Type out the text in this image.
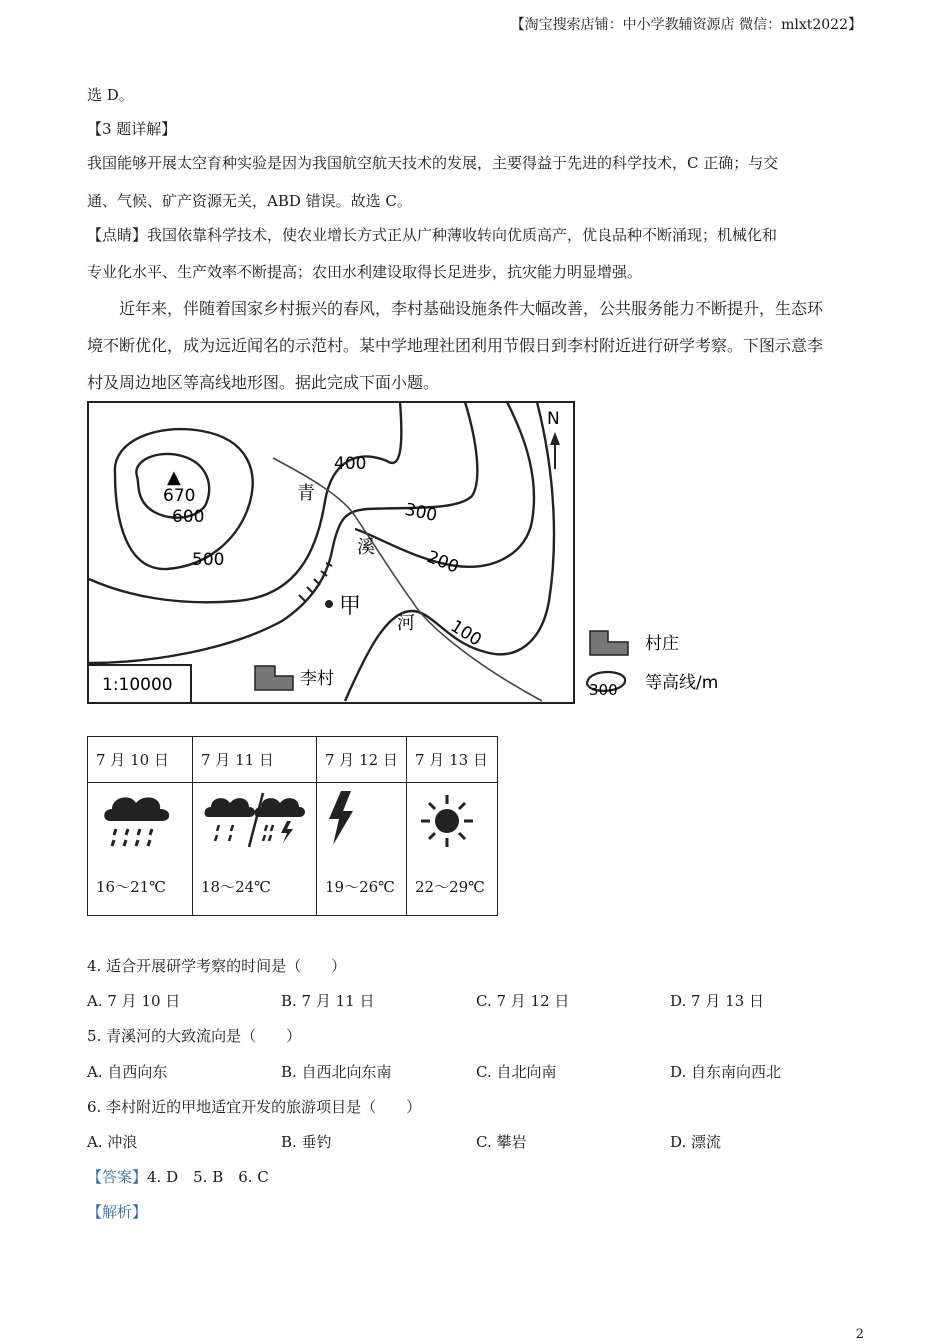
【淘宝搜索店铺：中小学教辅资源店 微信：mlxt2022】
选 D。
【3 题详解】
我国能够开展太空育种实验是因为我国航空航天技术的发展，主要得益于先进的科学技术，C 正确；与交
通、气候、矿产资源无关，ABD 错误。故选 C。
【点睛】我国依靠科学技术，使农业增长方式正从广种薄收转向优质高产，优良品种不断涌现；机械化和
专业化水平、生产效率不断提高；农田水利建设取得长足进步，抗灾能力明显增强。
近年来，伴随着国家乡村振兴的春风，李村基础设施条件大幅改善，公共服务能力不断提升，生态环
境不断优化，成为远近闻名的示范村。某中学地理社团利用节假日到李村附近进行研学考察。下图示意李
村及周边地区等高线地形图。据此完成下面小题。
▲
670
600
500
400
300
200
100
青
溪
河
甲
N
李村
1:10000
村庄
300 等高线/m
7 月 10 日	7 月 11 日	7 月 12 日	7 月 13 日

16～21℃	18～24℃	19～26℃	22～29℃
4. 适合开展研学考察的时间是（　　）
A. 7 月 10 日	B. 7 月 11 日	C. 7 月 12 日	D. 7 月 13 日
5. 青溪河的大致流向是（　　）
A. 自西向东	B. 自西北向东南	C. 自北向南	D. 自东南向西北
6. 李村附近的甲地适宜开发的旅游项目是（　　）
A. 冲浪	B. 垂钓	C. 攀岩	D. 漂流
【答案】4. D　5. B　6. C
【解析】
2
